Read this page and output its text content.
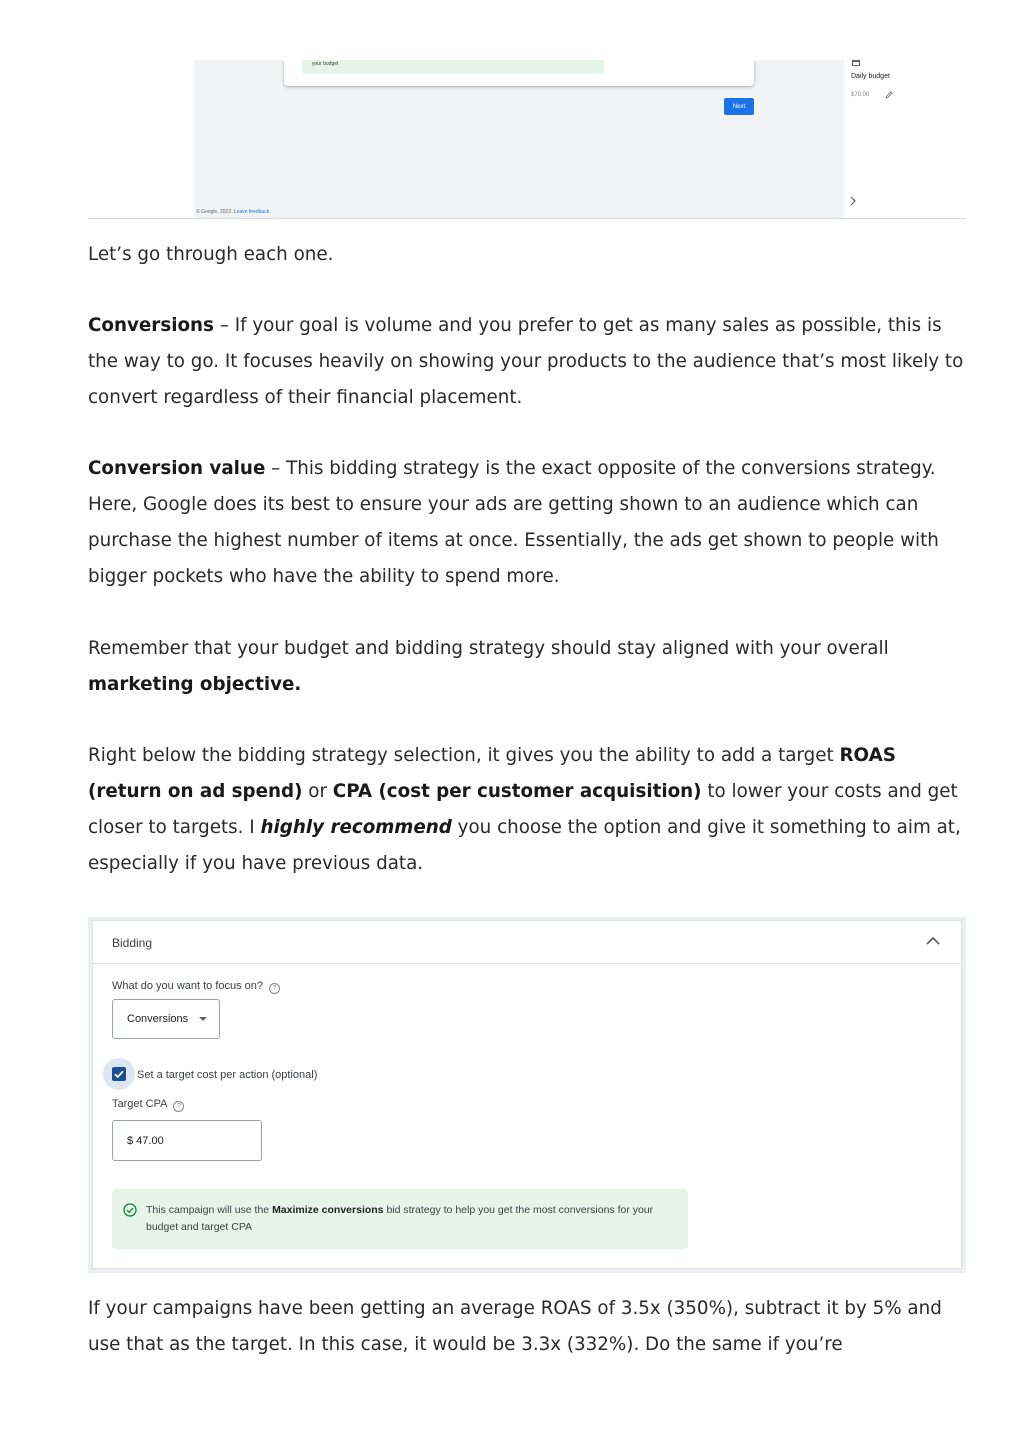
your budget
Next
Daily budget
$70.00
© Google, 2022. Leave feedback

Let’s go through each one.

Conversions – If your goal is volume and you prefer to get as many sales as possible, this is the way to go. It focuses heavily on showing your products to the audience that’s most likely to convert regardless of their financial placement.

Conversion value – This bidding strategy is the exact opposite of the conversions strategy. Here, Google does its best to ensure your ads are getting shown to an audience which can purchase the highest number of items at once. Essentially, the ads get shown to people with bigger pockets who have the ability to spend more.

Remember that your budget and bidding strategy should stay aligned with your overall marketing objective.

Right below the bidding strategy selection, it gives you the ability to add a target ROAS (return on ad spend) or CPA (cost per customer acquisition) to lower your costs and get closer to targets. I highly recommend you choose the option and give it something to aim at, especially if you have previous data.

Bidding
What do you want to focus on? ?
Conversions
Set a target cost per action (optional)
Target CPA ?
$ 47.00

This campaign will use the Maximize conversions bid strategy to help you get the most conversions for your budget and target CPA

If your campaigns have been getting an average ROAS of 3.5x (350%), subtract it by 5% and use that as the target. In this case, it would be 3.3x (332%). Do the same if you’re
